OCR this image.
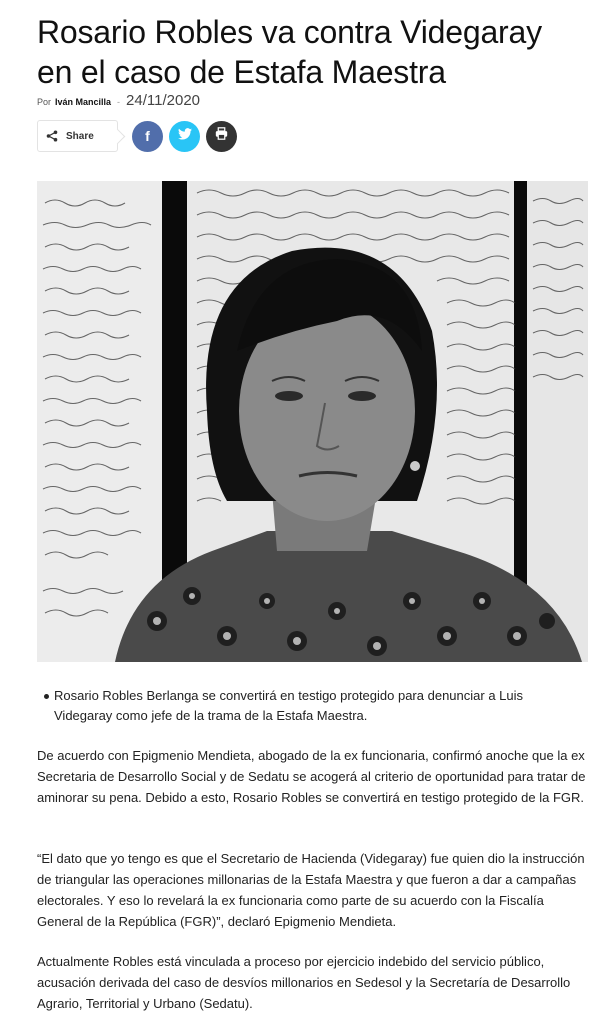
Rosario Robles va contra Videgaray en el caso de Estafa Maestra
Por Iván Mancilla - 24/11/2020
Share	f
Rosario Robles Berlanga se convertirá en testigo protegido para denunciar a Luis Videgaray como jefe de la trama de la Estafa Maestra.

De acuerdo con Epigmenio Mendieta, abogado de la ex funcionaria, confirmó anoche que la ex Secretaria de Desarrollo Social y de Sedatu se acogerá al criterio de oportunidad para tratar de aminorar su pena. Debido a esto, Rosario Robles se convertirá en testigo protegido de la FGR.

“El dato que yo tengo es que el Secretario de Hacienda (Videgaray) fue quien dio la instrucción de triangular las operaciones millonarias de la Estafa Maestra y que fueron a dar a campañas electorales. Y eso lo revelará la ex funcionaria como parte de su acuerdo con la Fiscalía General de la República (FGR)”, declaró Epigmenio Mendieta.

Actualmente Robles está vinculada a proceso por ejercicio indebido del servicio público, acusación derivada del caso de desvíos millonarios en Sedesol y la Secretaría de Desarrollo Agrario, Territorial y Urbano (Sedatu).
